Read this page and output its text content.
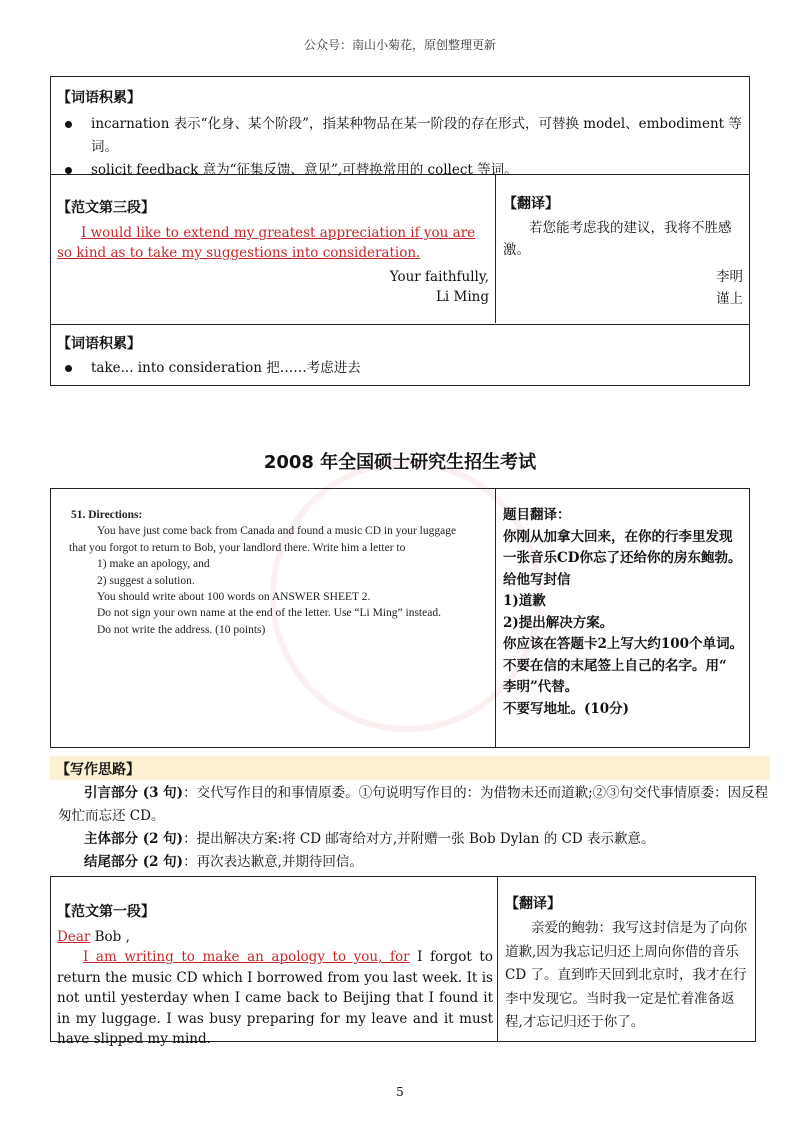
公众号：南山小菊花，原创整理更新
【词语积累】
incarnation 表示“化身、某个阶段”，指某种物品在某一阶段的存在形式，可替换 model、embodiment 等词。
solicit feedback 意为“征集反馈、意见”,可替换常用的 collect 等词。
【范文第三段】
I would like to extend my greatest appreciation if you are so kind as to take my suggestions into consideration.
Your faithfully,
Li Ming
【翻译】
若您能考虑我的建议，我将不胜感激。
李明
谨上
【词语积累】
take... into consideration 把……考虑进去
2008 年全国硕士研究生招生考试
51. Directions:
You have just come back from Canada and found a music CD in your luggage
that you forgot to return to Bob, your landlord there. Write him a letter to
1) make an apology, and
2) suggest a solution.
You should write about 100 words on ANSWER SHEET 2.
Do not sign your own name at the end of the letter. Use “Li Ming” instead.
Do not write the address. (10 points)
题目翻译：
你刚从加拿大回来，在你的行李里发现
一张音乐CD你忘了还给你的房东鲍勃。
给他写封信
1)道歉
2)提出解决方案。
你应该在答题卡2上写大约100个单词。
不要在信的末尾签上自己的名字。用“
李明”代替。
不要写地址。(10分)
【写作思路】
引言部分 (3 句)：交代写作目的和事情原委。①句说明写作目的：为借物未还而道歉;②③句交代事情原委：因反程匆忙而忘还 CD。
主体部分 (2 句)：提出解决方案:将 CD 邮寄给对方,并附赠一张 Bob Dylan 的 CD 表示歉意。
结尾部分 (2 句)：再次表达歉意,并期待回信。
【范文第一段】
Dear Bob ,
I am writing to make an apology to you, for I forgot to return the music CD which I borrowed from you last week. It is not until yesterday when I came back to Beijing that I found it in my luggage. I was busy preparing for my leave and it must have slipped my mind.
【翻译】
亲爱的鲍勃：我写这封信是为了向你道歉,因为我忘记归还上周向你借的音乐 CD 了。直到昨天回到北京时，我才在行李中发现它。当时我一定是忙着准备返程,才忘记归还于你了。
5
